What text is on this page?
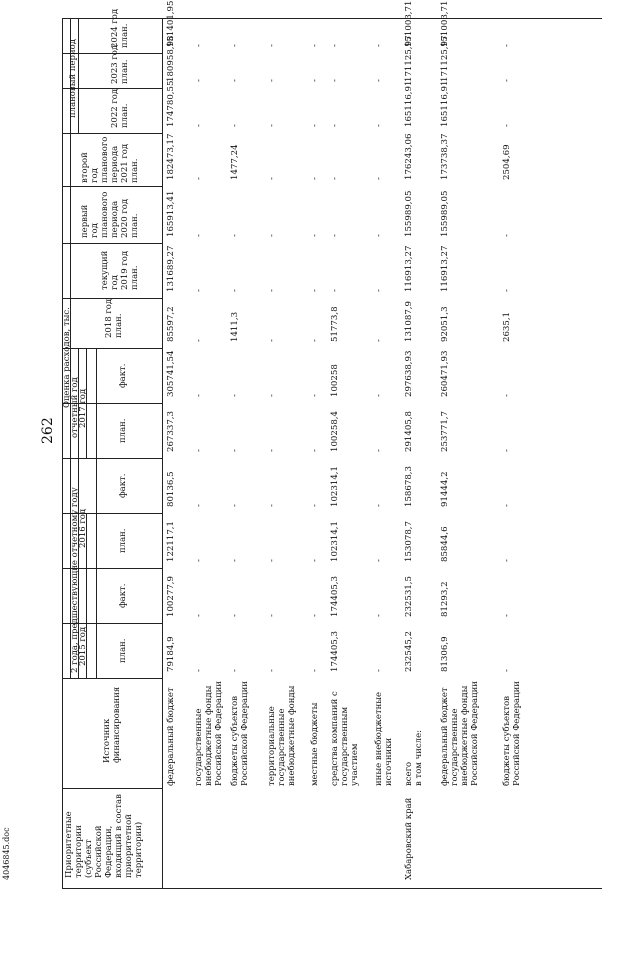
262
4046845.doc	Приоритетные территории (субъект Российской Федерации, входящий в состав приоритетной территории)
Источник финансирования
Оценка расходов, тыс.
2 года, предшествующие отчетному году
2015 год
2016 год
отчетный год
2017 год
план.
факт.
план.
факт.
план.
факт.
2018 год план.
текущий год 2019 год план.
первый год планового периода 2020 год план.
второй год планового периода 2021 год план.
плановый период	2022 год план.
2023 год план.
2024 год план.
федеральный бюджет
79184,9
100277,9
122117,1
80136,5
267337,3
305741,54
85597,2
131689,27
165913,41
182473,17
174780,55
180958,98
151401,95
государственные внебюджетные фонды Российской Федерации
-
-
-
-
-
-
-
-
-
-
-
-
-
бюджеты субъектов Российской Федерации
-
-
-
-
-
-
1411,3
-
-
1477,24
-
-
-
территориальные государственные внебюджетные фонды
-
-
-
-
-
-
-
-
-
-
-
-
-
местные бюджеты
-
-
-
-
-
-
-
-
-
-
-
-
-
средства компаний с государственным участием
174405,3
174405,3
102314,1
102314,1
100258,4
100258
51773,8
-
-
-
-
-
-
иные внебюджетные источники
-
-
-
-
-
-
-
-
-
-
-
-
-
Хабаровский край
всего в том числе:
232545,2
232531,5
153078,7
158678,3
291405,8
297638,93
131087,9
116913,27
155989,05
176243,06
165116,91
171125,97
151003,71
федеральный бюджет государственные внебюджетные фонды Российской Федерации
81306,9
81293,2
85844,6
91444,2
253771,7
260471,93
92051,3
116913,27
155989,05
173738,37
165116,91
171125,97
151003,71
бюджеты субъектов Российской Федерации
-
-
-
-
-
-
2635,1
-
-
2504,69
-
-
-
